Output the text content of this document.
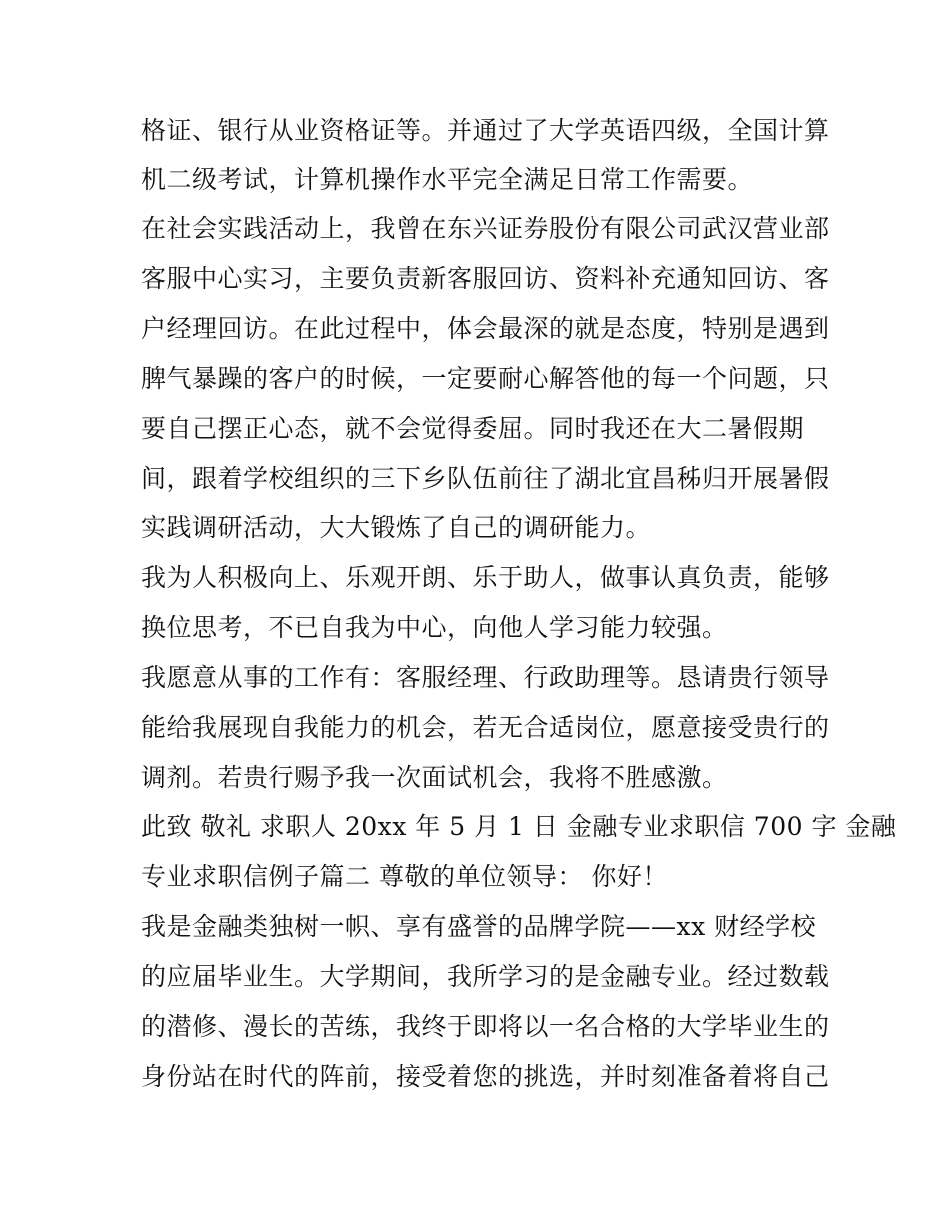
格证、银行从业资格证等。并通过了大学英语四级，全国计算

机二级考试，计算机操作水平完全满足日常工作需要。

在社会实践活动上，我曾在东兴证券股份有限公司武汉营业部

客服中心实习，主要负责新客服回访、资料补充通知回访、客

户经理回访。在此过程中，体会最深的就是态度，特别是遇到

脾气暴躁的客户的时候，一定要耐心解答他的每一个问题，只

要自己摆正心态，就不会觉得委屈。同时我还在大二暑假期

间，跟着学校组织的三下乡队伍前往了湖北宜昌秭归开展暑假

实践调研活动，大大锻炼了自己的调研能力。

我为人积极向上、乐观开朗、乐于助人，做事认真负责，能够

换位思考，不已自我为中心，向他人学习能力较强。

我愿意从事的工作有：客服经理、行政助理等。恳请贵行领导

能给我展现自我能力的机会，若无合适岗位，愿意接受贵行的

调剂。若贵行赐予我一次面试机会，我将不胜感激。

此致 敬礼 求职人 20xx 年 5 月 1 日 金融专业求职信 700 字 金融

专业求职信例子篇二 尊敬的单位领导： 你好！

我是金融类独树一帜、享有盛誉的品牌学院——xx 财经学校

的应届毕业生。大学期间，我所学习的是金融专业。经过数载

的潜修、漫长的苦练，我终于即将以一名合格的大学毕业生的

身份站在时代的阵前，接受着您的挑选，并时刻准备着将自己
